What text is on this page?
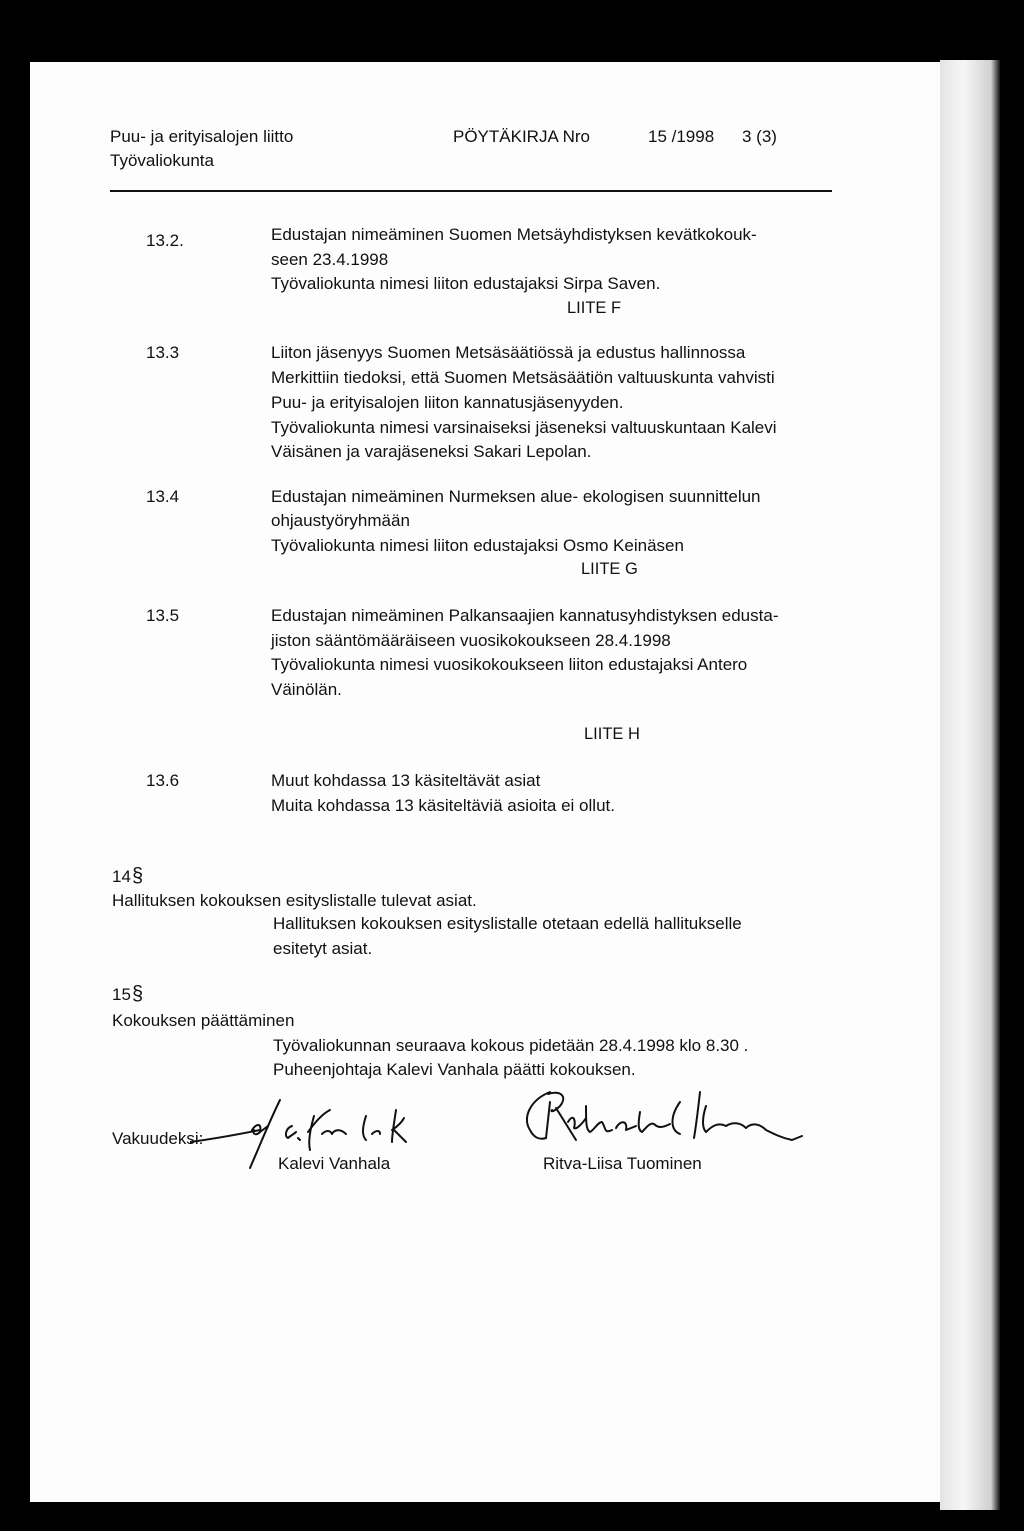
Puu- ja erityisalojen liitto
Työvaliokunta
PÖYTÄKIRJA Nro	15 /1998 3 (3)
13.2.	Edustajan nimeäminen Suomen Metsäyhdistyksen kevätkokouk-
seen 23.4.1998
Työvaliokunta nimesi liiton edustajaksi Sirpa Saven.
LIITE F
13.3	Liiton jäsenyys Suomen Metsäsäätiössä ja edustus hallinnossa
Merkittiin tiedoksi, että Suomen Metsäsäätiön valtuuskunta vahvisti
Puu- ja erityisalojen liiton kannatusjäsenyyden.
Työvaliokunta nimesi varsinaiseksi jäseneksi valtuuskuntaan Kalevi
Väisänen ja varajäseneksi Sakari Lepolan.
13.4	Edustajan nimeäminen Nurmeksen alue- ekologisen suunnittelun
ohjaustyöryhmään
Työvaliokunta nimesi liiton edustajaksi Osmo Keinäsen
LIITE G
13.5	Edustajan nimeäminen Palkansaajien kannatusyhdistyksen edusta-
jiston sääntömääräiseen vuosikokoukseen 28.4.1998
Työvaliokunta nimesi vuosikokoukseen liiton edustajaksi Antero
Väinölän.
LIITE H
13.6	Muut kohdassa 13 käsiteltävät asiat
Muita kohdassa 13 käsiteltäviä asioita ei ollut.
14 §
Hallituksen kokouksen esityslistalle tulevat asiat.
Hallituksen kokouksen esityslistalle otetaan edellä hallitukselle
esitetyt asiat.
15 §
Kokouksen päättäminen
Työvaliokunnan seuraava kokous pidetään 28.4.1998 klo 8.30 .
Puheenjohtaja Kalevi Vanhala päätti kokouksen.
Vakuudeksi:
Kalevi Vanhala	Ritva-Liisa Tuominen
